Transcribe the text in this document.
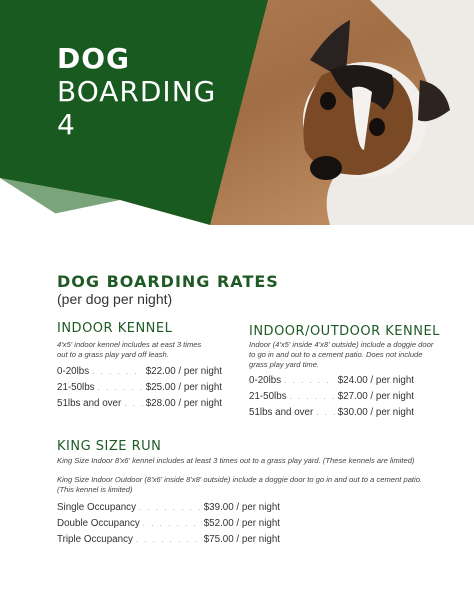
DOG
BOARDING
4
DOG BOARDING RATES
(per dog per night)
INDOOR KENNEL
4'x5' indoor kennel includes at east 3 times
out to a grass play yard off leash.
0-20lbs . . .	$22.00 / per night
21-50lbs . . .	$25.00 / per night
51lbs and over . . . $28.00 / per night
INDOOR/OUTDOOR KENNEL
Indoor (4'x5' inside 4'x8' outside) include a doggie door
to go in and out to a cement patio. Does not include
grass play yard time.
0-20lbs . . .	$24.00 / per night
21-50lbs . . .	$27.00 / per night
51lbs and over . . . $30.00 / per night
KING SIZE RUN
King Size Indoor 8'x6' kennel includes at least 3 times out to a grass play yard. (These kennels are limited)
King Size Indoor Outdoor (8'x6' inside 8'x8' outside) include a doggie door to go in and out to a cement patio.
(This kennel is limited)
Single Occupancy . . .	$39.00 / per night
Double Occupancy . . .	$52.00 / per night
Triple Occupancy . . .	$75.00 / per night
